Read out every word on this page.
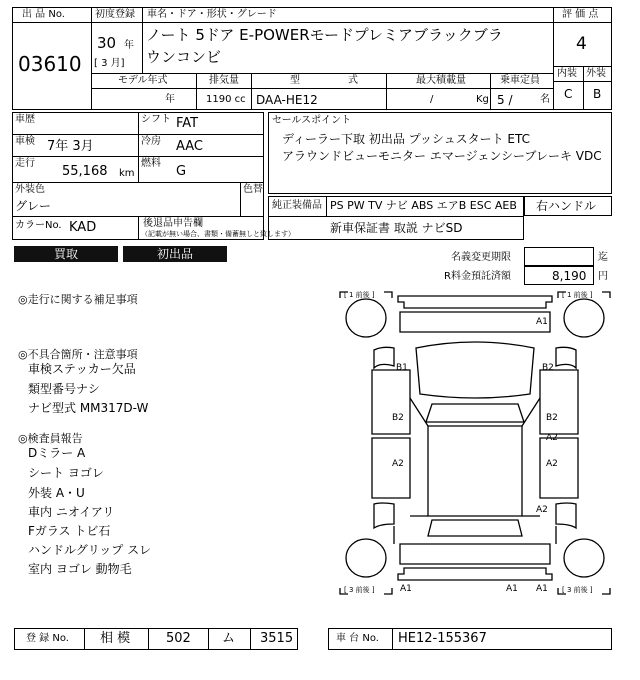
出 品 No.
03610
初度登録
30 年
[ 3 月]
車名・ドア・形状・グレード
ノート 5ドア E-POWERモードプレミアブラックブラ
ウンコンビ
評 価 点
4
内装 外装
C B
モデル年式
年
排気量
1190 cc
型	式
DAA-HE12
最大積載量
/	Kg
乗車定員
5 /	名
車歴	シフト FAT
車検 7年 3月	冷房 AAC
走行
55,168 km
燃料
G
外装色
グレー
色替
カラーNo. KAD	後退品申告欄
（記載が無い場合、書類・備蓄無しと致します）
セールスポイント
ディーラー下取 初出品 プッシュスタート ETC
アラウンドビューモニター エマージェンシーブレーキ VDC
純正装備品 PS PW TV ナビ ABS エアB ESC AEB
新車保証書 取説 ナビSD
右ハンドル
買取	初出品	名義変更期限	迄
R料金預託済額	8,190 円
◎走行に関する補足事項
◎不具合箇所・注意事項
車検ステッカー欠品
類型番号ナシ
ナビ型式 MM317D-W
◎検査員報告
Dミラー A
シート ヨゴレ
外装 A・U
車内 ニオイアリ
Fガラス トビ石
ハンドルグリップ スレ
室内 ヨゴレ 動物毛
[ 1 前後 ]	[ 1 前後 ]
[ 3 前後 ]	[ 3 前後 ]
A1
B1	B2
B2	B2
A2
A2	A2
A2
A1	A1 A1
登 録 No. 相 模	502 ム 3515	車 台 No. HE12-155367
